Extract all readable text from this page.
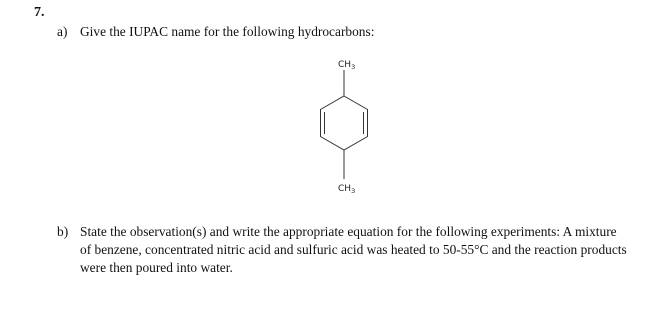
7.
a) Give the IUPAC name for the following hydrocarbons:
$CH_3$
$CH_3$
b) State the observation(s) and write the appropriate equation for the following experiments: A mixture of benzene, concentrated nitric acid and sulfuric acid was heated to 50-55°C and the reaction products were then poured into water.
